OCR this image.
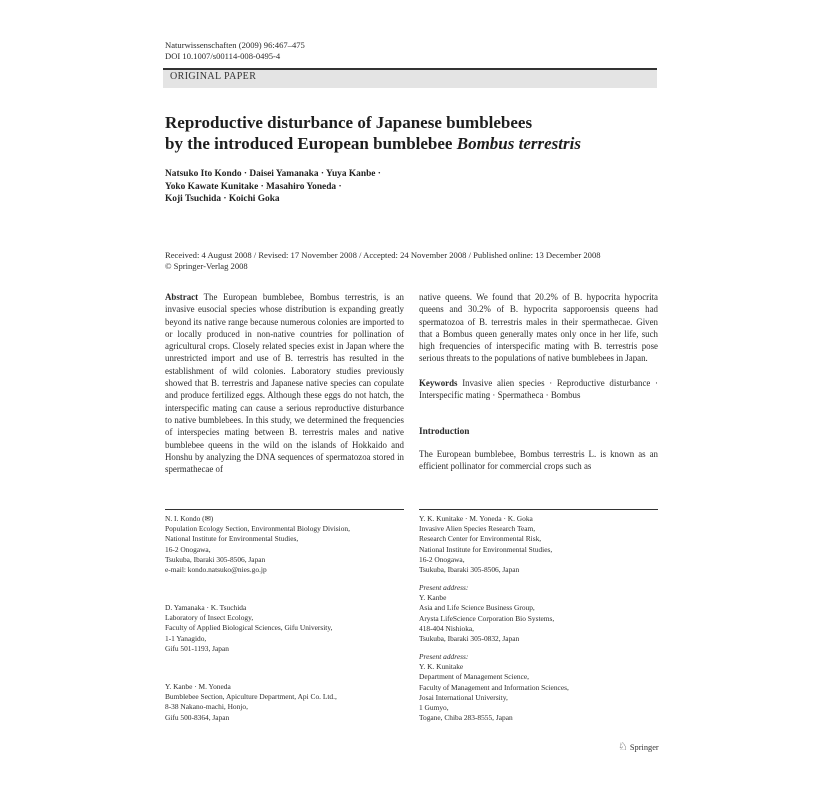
Naturwissenschaften (2009) 96:467–475
DOI 10.1007/s00114-008-0495-4
ORIGINAL PAPER
Reproductive disturbance of Japanese bumblebees
by the introduced European bumblebee Bombus terrestris
Natsuko Ito Kondo · Daisei Yamanaka · Yuya Kanbe ·
Yoko Kawate Kunitake · Masahiro Yoneda ·
Koji Tsuchida · Koichi Goka
Received: 4 August 2008 / Revised: 17 November 2008 / Accepted: 24 November 2008 / Published online: 13 December 2008
© Springer-Verlag 2008
Abstract The European bumblebee, Bombus terrestris, is an invasive eusocial species whose distribution is expanding greatly beyond its native range because numerous colonies are imported to or locally produced in non-native countries for pollination of agricultural crops. Closely related species exist in Japan where the unrestricted import and use of B. terrestris has resulted in the establishment of wild colonies. Laboratory studies previously showed that B. terrestris and Japanese native species can copulate and produce fertilized eggs. Although these eggs do not hatch, the interspecific mating can cause a serious reproductive disturbance to native bumblebees. In this study, we determined the frequencies of interspecies mating between B. terrestris males and native bumblebee queens in the wild on the islands of Hokkaido and Honshu by analyzing the DNA sequences of spermatozoa stored in spermathecae of
native queens. We found that 20.2% of B. hypocrita hypocrita queens and 30.2% of B. hypocrita sapporoensis queens had spermatozoa of B. terrestris males in their spermathecae. Given that a Bombus queen generally mates only once in her life, such high frequencies of interspecific mating with B. terrestris pose serious threats to the populations of native bumblebees in Japan.
Keywords Invasive alien species · Reproductive disturbance · Interspecific mating · Spermatheca · Bombus
Introduction
The European bumblebee, Bombus terrestris L. is known as an efficient pollinator for commercial crops such as
N. I. Kondo (✉)
Population Ecology Section, Environmental Biology Division,
National Institute for Environmental Studies,
16-2 Onogawa,
Tsukuba, Ibaraki 305-8506, Japan
e-mail: kondo.natsuko@nies.go.jp
D. Yamanaka · K. Tsuchida
Laboratory of Insect Ecology,
Faculty of Applied Biological Sciences, Gifu University,
1-1 Yanagido,
Gifu 501-1193, Japan
Y. Kanbe · M. Yoneda
Bumblebee Section, Apiculture Department, Api Co. Ltd.,
8-38 Nakano-machi, Honjo,
Gifu 500-8364, Japan
Y. K. Kunitake · M. Yoneda · K. Goka
Invasive Alien Species Research Team,
Research Center for Environmental Risk,
National Institute for Environmental Studies,
16-2 Onogawa,
Tsukuba, Ibaraki 305-8506, Japan
Present address:
Y. Kanbe
Asia and Life Science Business Group,
Arysta LifeScience Corporation Bio Systems,
418-404 Nishioka,
Tsukuba, Ibaraki 305-0832, Japan
Present address:
Y. K. Kunitake
Department of Management Science,
Faculty of Management and Information Sciences,
Josai International University,
1 Gumyo,
Togane, Chiba 283-8555, Japan
♘ Springer
